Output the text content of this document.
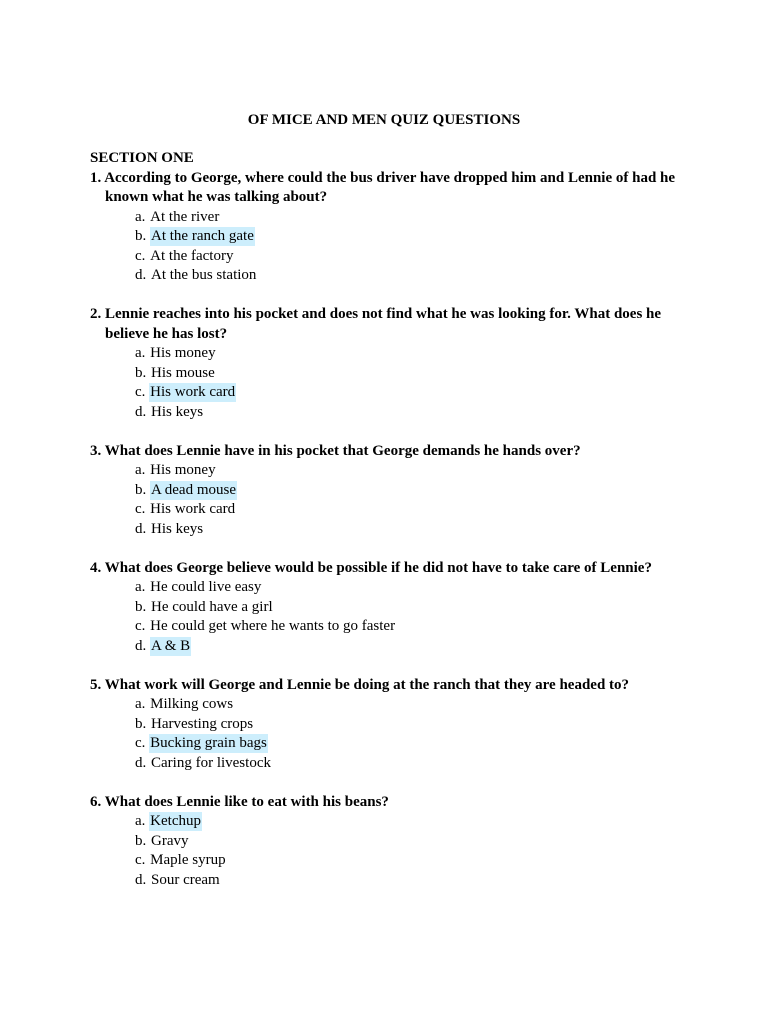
OF MICE AND MEN QUIZ QUESTIONS
SECTION ONE
1. According to George, where could the bus driver have dropped him and Lennie of had he known what he was talking about?
a. At the river
b. At the ranch gate
c. At the factory
d. At the bus station
2. Lennie reaches into his pocket and does not find what he was looking for. What does he believe he has lost?
a. His money
b. His mouse
c. His work card
d. His keys
3. What does Lennie have in his pocket that George demands he hands over?
a. His money
b. A dead mouse
c. His work card
d. His keys
4. What does George believe would be possible if he did not have to take care of Lennie?
a. He could live easy
b. He could have a girl
c. He could get where he wants to go faster
d. A & B
5. What work will George and Lennie be doing at the ranch that they are headed to?
a. Milking cows
b. Harvesting crops
c. Bucking grain bags
d. Caring for livestock
6. What does Lennie like to eat with his beans?
a. Ketchup
b. Gravy
c. Maple syrup
d. Sour cream
